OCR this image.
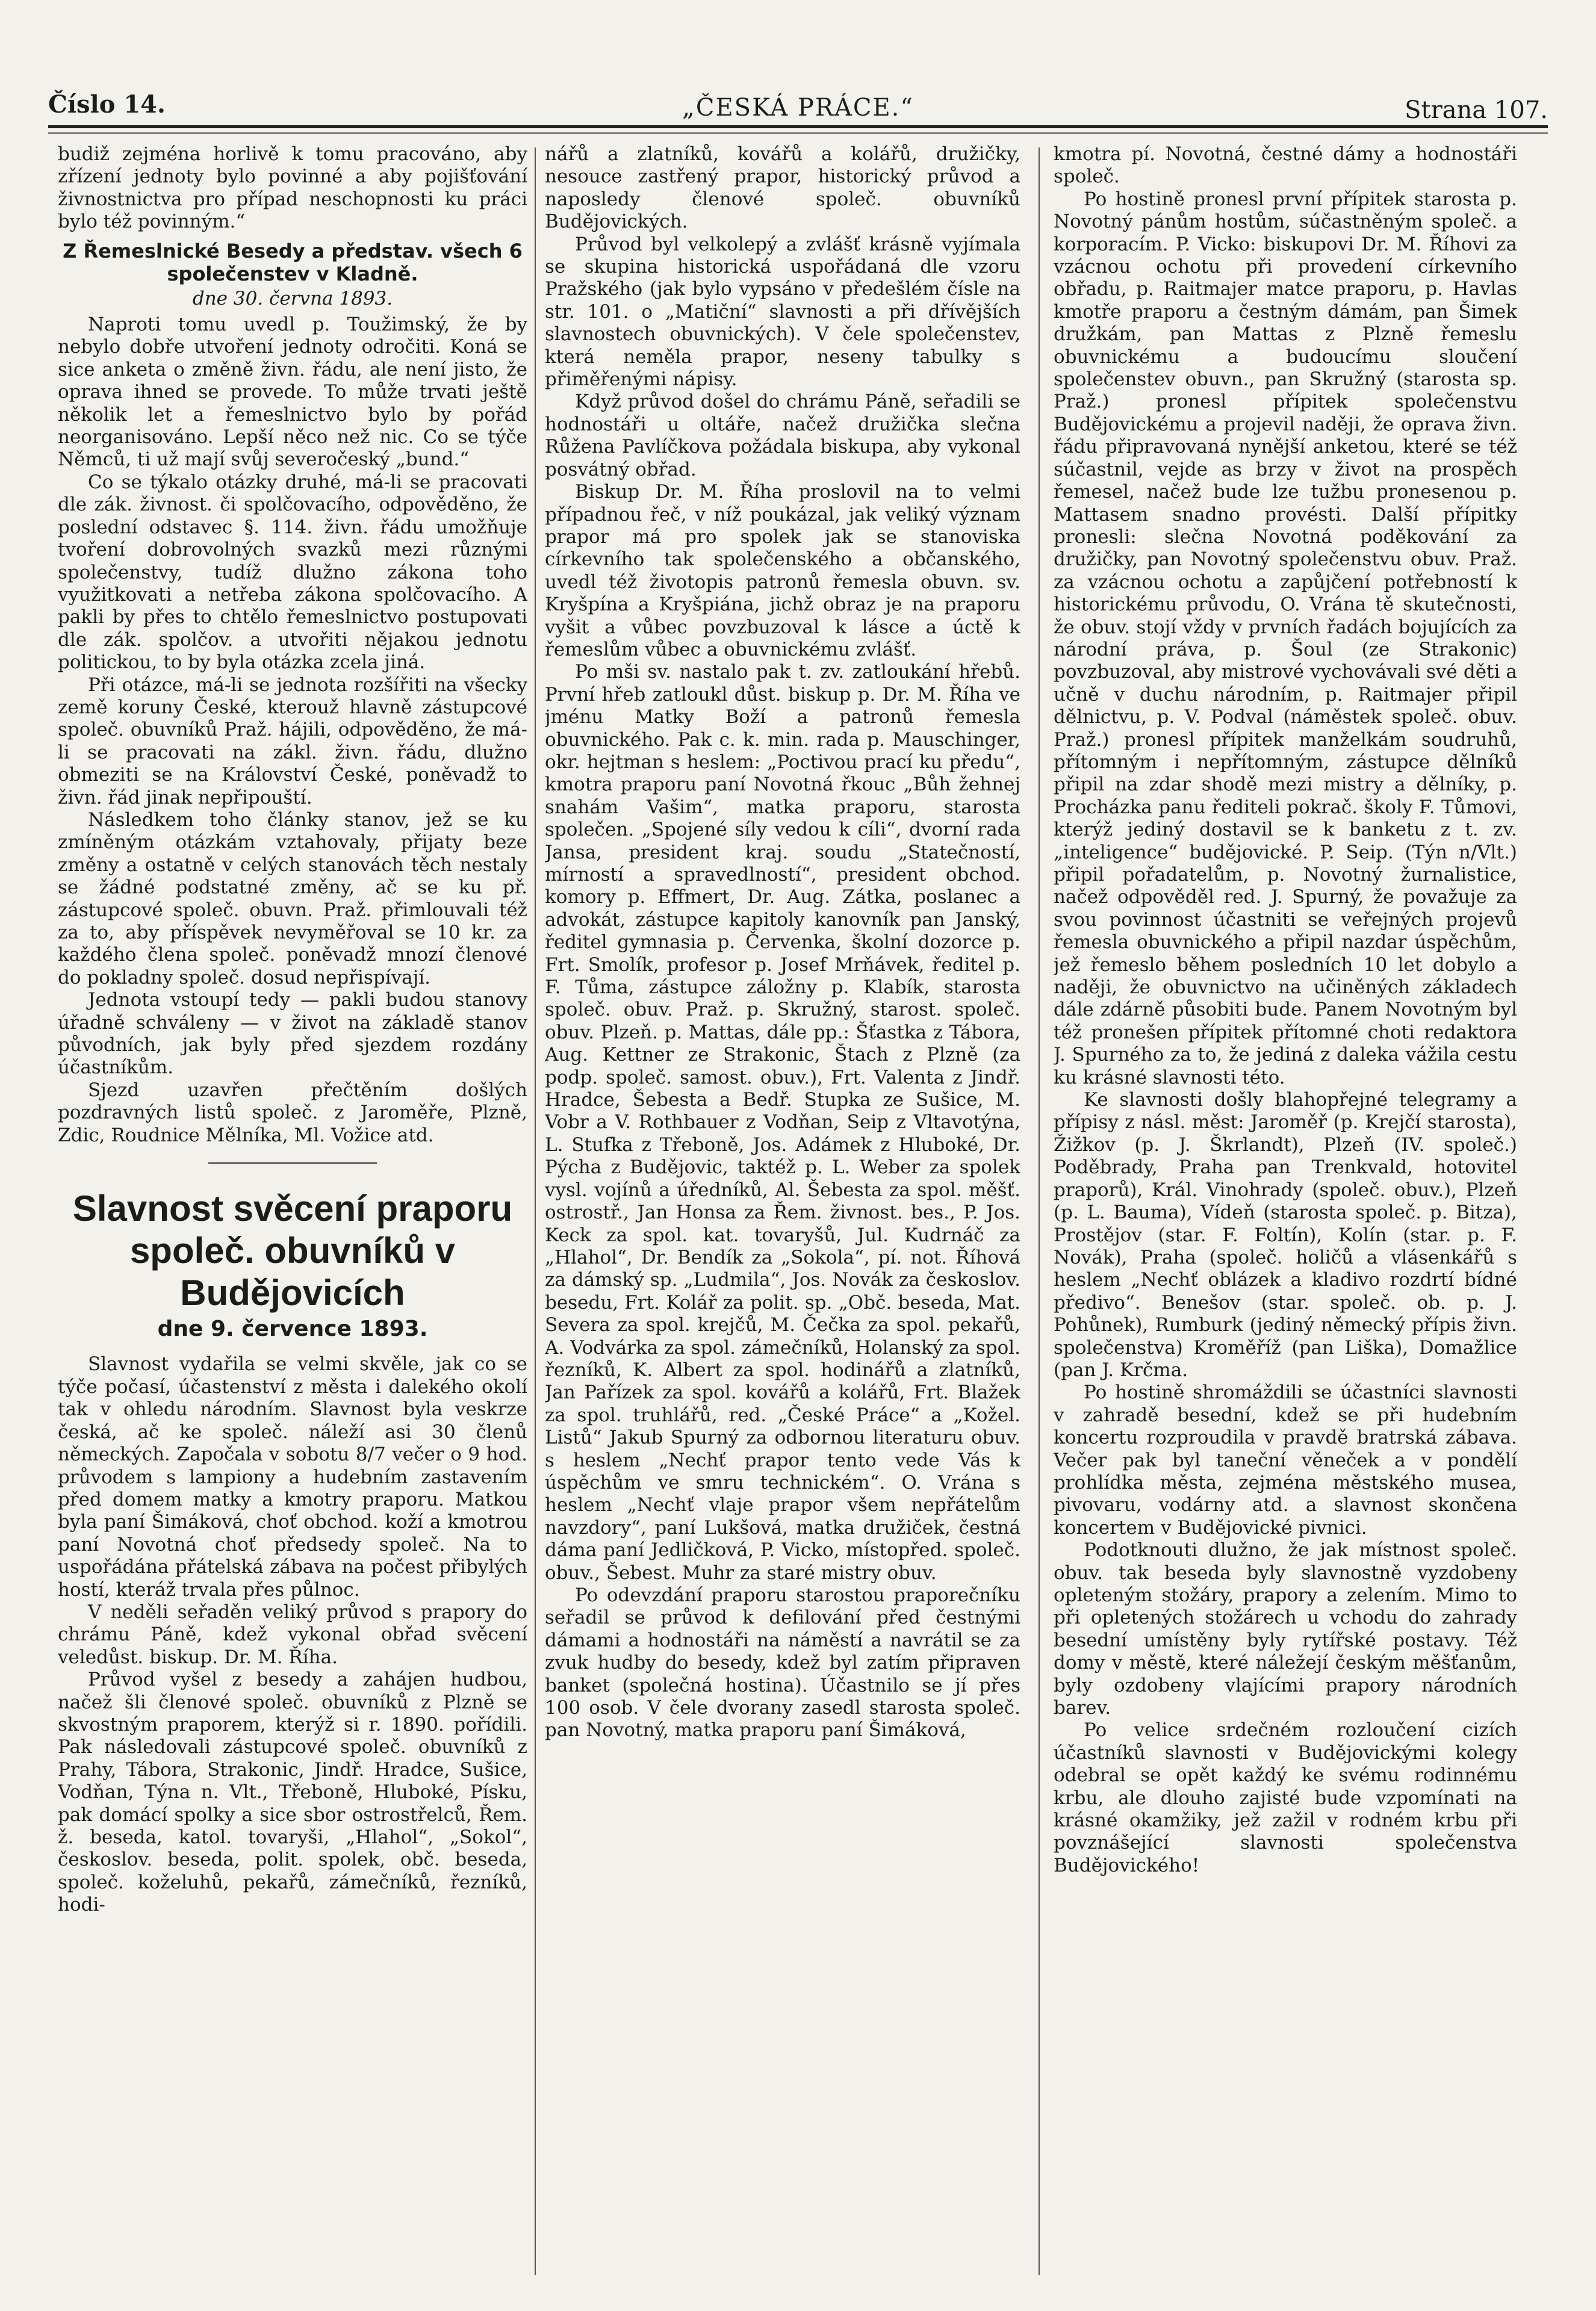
Číslo 14.	„ČESKÁ PRÁCE.“	Strana 107.

budiž zejména horlivě k tomu pracováno, aby zřízení jednoty bylo povinné a aby pojišťování živnostnictva pro případ neschopnosti ku práci bylo též povinným.“

Z Řemeslnické Besedy a představ. všech 6 společenstev v Kladně.
dne 30. června 1893.

Naproti tomu uvedl p. Toužimský, že by nebylo dobře utvoření jednoty odročiti. Koná se sice anketa o změně živn. řádu, ale není jisto, že oprava ihned se provede. To může trvati ještě několik let a řemeslnictvo bylo by pořád neorganisováno. Lepší něco než nic. Co se týče Němců, ti už mají svůj severočeský „bund.“

Co se týkalo otázky druhé, má-li se pracovati dle zák. živnost. či spolčovacího, odpověděno, že poslední odstavec §. 114. živn. řádu umožňuje tvoření dobrovolných svazků mezi různými společenstvy, tudíž dlužno zákona toho využitkovati a netřeba zákona spolčovacího. A pakli by přes to chtělo řemeslnictvo postupovati dle zák. spolčov. a utvořiti nějakou jednotu politickou, to by byla otázka zcela jiná.

Při otázce, má-li se jednota rozšířiti na všecky země koruny České, kterouž hlavně zástupcové společ. obuvníků Praž. hájili, odpověděno, že má-li se pracovati na zákl. živn. řádu, dlužno obmeziti se na Království České, poněvadž to živn. řád jinak nepřipouští.

Následkem toho články stanov, jež se ku zmíněným otázkám vztahovaly, přijaty beze změny a ostatně v celých stanovách těch nestaly se žádné podstatné změny, ač se ku př. zástupcové společ. obuvn. Praž. přimlouvali též za to, aby příspěvek nevyměřoval se 10 kr. za každého člena společ. poněvadž mnozí členové do pokladny společ. dosud nepřispívají.

Jednota vstoupí tedy — pakli budou stanovy úřadně schváleny — v život na základě stanov původních, jak byly před sjezdem rozdány účastníkům.

Sjezd uzavřen přečtěním došlých pozdravných listů společ. z Jaroměře, Plzně, Zdic, Roudnice Mělníka, Ml. Vožice atd.

Slavnost svěcení praporu spolеč. obuvníků v Budějovicích
dne 9. července 1893.

Slavnost vydařila se velmi skvěle, jak co se týče počasí, účastenství z města i dalekého okolí tak v ohledu národním. Slavnost byla veskrze česká, ač ke společ. náleží asi 30 členů německých. Započala v sobotu 8/7 večer o 9 hod. průvodem s lampiony a hudebním zastavením před domem matky a kmotry praporu. Matkou byla paní Šimáková, choť obchod. koží a kmotrou paní Novotná choť předsedy společ. Na to uspořádána přátelská zábava na počest přibylých hostí, kteráž trvala přes půlnoc.

V neděli seřaděn veliký průvod s prapory do chrámu Páně, kdež vykonal obřad svěcení veledůst. biskup. Dr. M. Říha.

Průvod vyšel z besedy a zahájen hudbou, načež šli členové společ. obuvníků z Plzně se skvostným praporem, kterýž si r. 1890. pořídili. Pak následovali zástupcové společ. obuvníků z Prahy, Tábora, Strakonic, Jindř. Hradce, Sušice, Vodňan, Týna n. Vlt., Třeboně, Hluboké, Písku, pak domácí spolky a sice sbor ostrostřelců, Řem. ž. beseda, katol. tovaryši, „Hlahol“, „Sokol“, českoslov. beseda, polit. spolek, obč. beseda, společ. koželuhů, pekařů, zámečníků, řezníků, hodi-

nářů a zlatníků, kovářů a kolářů, družičky, nesouce zastřený prapor, historický průvod a naposledy členové společ. obuvníků Budějovických.

Průvod byl velkolepý a zvlášť krásně vyjímala se skupina historická uspořádaná dle vzoru Pražského (jak bylo vypsáno v předešlém čísle na str. 101. o „Matiční“ slavnosti a při dřívějších slavnostech obuvnických). V čele společenstev, která neměla prapor, neseny tabulky s přiměřenými nápisy.

Když průvod došel do chrámu Páně, seřadili se hodnostáři u oltáře, načež družička slečna Růžena Pavlíčkova požádala biskupa, aby vykonal posvátný obřad.

Biskup Dr. M. Říha proslovil na to velmi případnou řeč, v níž poukázal, jak veliký význam prapor má pro spolek jak se stanoviska církevního tak společenského a občanského, uvedl též životopis patronů řemesla obuvn. sv. Kryšpína a Kryšpiána, jichž obraz je na praporu vyšit a vůbec povzbuzoval k lásce a úctě k řemeslům vůbec a obuvnickému zvlášť.

Po mši sv. nastalo pak t. zv. zatloukání hřebů. První hřeb zatloukl důst. biskup p. Dr. M. Říha ve jménu Matky Boží a patronů řemesla obuvnického. Pak c. k. min. rada p. Mauschinger, okr. hejtman s heslem: „Poctivou prací ku předu“, kmotra praporu paní Novotná řkouc „Bůh žehnej snahám Vašim“, matka praporu, starosta společen. „Spojené síly vedou k cíli“, dvorní rada Jansa, president kraj. soudu „Statečností, mírností a spravedlností“, president obchod. komory p. Effmert, Dr. Aug. Zátka, poslanec a advokát, zástupce kapitoly kanovník pan Janský, ředitel gymnasia p. Červenka, školní dozorce p. Frt. Smolík, profesor p. Josef Mrňávek, ředitel p. F. Tůma, zástupce záložny p. Klabík, starosta společ. obuv. Praž. p. Skružný, starost. společ. obuv. Plzeň. p. Mattas, dále pp.: Šťastka z Tábora, Aug. Kettner ze Strakonic, Štach z Plzně (za podp. společ. samost. obuv.), Frt. Valenta z Jindř. Hradce, Šebesta a Bedř. Stupka ze Sušice, M. Vobr a V. Rothbauer z Vodňan, Seip z Vltavotýna, L. Stufka z Třeboně, Jos. Adámek z Hluboké, Dr. Pýcha z Budějovic, taktéž p. L. Weber za spolek vysl. vojínů a úředníků, Al. Šebesta za spol. měšť. ostrostř., Jan Honsa za Řem. živnost. bes., P. Jos. Keck za spol. kat. tovaryšů, Jul. Kudrnáč za „Hlahol“, Dr. Bendík za „Sokola“, pí. not. Říhová za dámský sp. „Ludmila“, Jos. Novák za českoslov. besedu, Frt. Kolář za polit. sp. „Obč. beseda, Mat. Severa za spol. krejčů, M. Čečka za spol. pekařů, A. Vodvárka za spol. zámečníků, Holanský za spol. řezníků, K. Albert za spol. hodinářů a zlatníků, Jan Pařízek za spol. kovářů a kolářů, Frt. Blažek za spol. truhlářů, red. „České Práce“ a „Kožel. Listů“ Jakub Spurný za odbornou literaturu obuv. s heslem „Nechť prapor tento vede Vás k úspěchům ve smru technickém“. O. Vrána s heslem „Nechť vlaje prapor všem nepřátelům navzdory“, paní Lukšová, matka družiček, čestná dáma paní Jedličková, P. Vicko, místopřed. společ. obuv., Šebest. Muhr za staré mistry obuv.

Po odevzdání praporu starostou praporečníku seřadil se průvod k defilování před čestnými dámami a hodnostáři na náměstí a navrátil se za zvuk hudby do besedy, kdež byl zatím připraven banket (společná hostina). Účastnilo se jí přes 100 osob. V čele dvorany zasedl starosta společ. pan Novotný, matka praporu paní Šimáková,

kmotra pí. Novotná, čestné dámy a hodnostáři společ.

Po hostině pronesl první přípitek starosta p. Novotný pánům hostům, súčastněným spolеč. a korporacím. P. Vicko: biskupovi Dr. M. Říhovi za vzácnou ochotu při provedení církevního obřadu, p. Raitmajer matce praporu, p. Havlas kmotře praporu a čestným dámám, pan Šimek družkám, pan Mattas z Plzně řemeslu obuvnickému a budoucímu sloučení společenstev obuvn., pan Skružný (starosta sp. Praž.) pronesl přípitek společenstvu Budějovickému a projevil naději, že oprava živn. řádu připravovaná nynější anketou, které se též súčastnil, vejde as brzy v život na prospěch řemesel, načež bude lze tužbu pronesenou p. Mattasem snadno provésti. Další přípitky pronesli: slečna Novotná poděkování za družičky, pan Novotný společenstvu obuv. Praž. za vzácnou ochotu a zapůjčení potřebností k historickému průvodu, O. Vrána tě skutečnosti, že obuv. stojí vždy v prvních řadách bojujících za národní práva, p. Šoul (ze Strakonic) povzbuzoval, aby mistrové vychovávali své děti a učně v duchu národním, p. Raitmajer připil dělnictvu, p. V. Podval (náměstek společ. obuv. Praž.) pronesl přípitek manželkám soudruhů, přítomným i nepřítomným, zástupce dělníků připil na zdar shodě mezi mistry a dělníky, p. Procházka panu řediteli pokrač. školy F. Tůmovi, kterýž jediný dostavil se k banketu z t. zv. „inteligence“ budějovické. P. Seip. (Týn n/Vlt.) připil pořadatelům, p. Novotný žurnalistice, načež odpověděl red. J. Spurný, že považuje za svou povinnost účastniti se veřejných projevů řemesla obuvnického a připil nazdar úspěchům, jež řemeslo během posledních 10 let dobylo a naději, že obuvnictvo na učiněných základech dále zdárně působiti bude. Panem Novotným byl též pronešen přípitek přítomné choti redaktora J. Spurného za to, že jediná z daleka vážila cestu ku krásné slavnosti této.

Ke slavnosti došly blahopřejné telegramy a přípisy z násl. měst: Jaroměř (p. Krejčí starosta), Žižkov (p. J. Škrlandt), Plzeň (IV. společ.) Poděbrady, Praha pan Trenkvald, hotovitel praporů), Král. Vinohrady (společ. obuv.), Plzeň (p. L. Bauma), Vídeň (starosta společ. p. Bitza), Prostějov (star. F. Foltín), Kolín (star. p. F. Novák), Praha (společ. holičů a vlásenkářů s heslem „Nechť oblázek a kladivo rozdrtí bídné předivo“. Benešov (star. společ. ob. p. J. Pohůnek), Rumburk (jediný německý přípis živn. společenstva) Kroměříž (pan Liška), Domažlice (pan J. Krčma.

Po hostině shromáždili se účastníci slavnosti v zahradě besední, kdež se při hudebním koncertu rozproudila v pravdě bratrská zábava. Večer pak byl taneční věneček a v pondělí prohlídka města, zejména městského musea, pivovaru, vodárny atd. a slavnost skončena koncertem v Budějovické pivnici.

Podotknouti dlužno, že jak místnost spolеč. obuv. tak beseda byly slavnostně vyzdobeny opleteným stožáry, prapory a zelením. Mimo to při opletených stožárech u vchodu do zahrady besední umístěny byly rytířské postavy. Též domy v městě, které náležejí českým měšťanům, byly ozdobeny vlajícími prapory národních barev.

Po velice srdečném rozloučení cizích účastníků slavnosti v Budějovickými kolegy odebral se opět každý ke svému rodinnému krbu, ale dlouho zajisté bude vzpomínati na krásné okamžiky, jež zažil v rodném krbu při povznášející slavnosti společenstva Budějovického!
